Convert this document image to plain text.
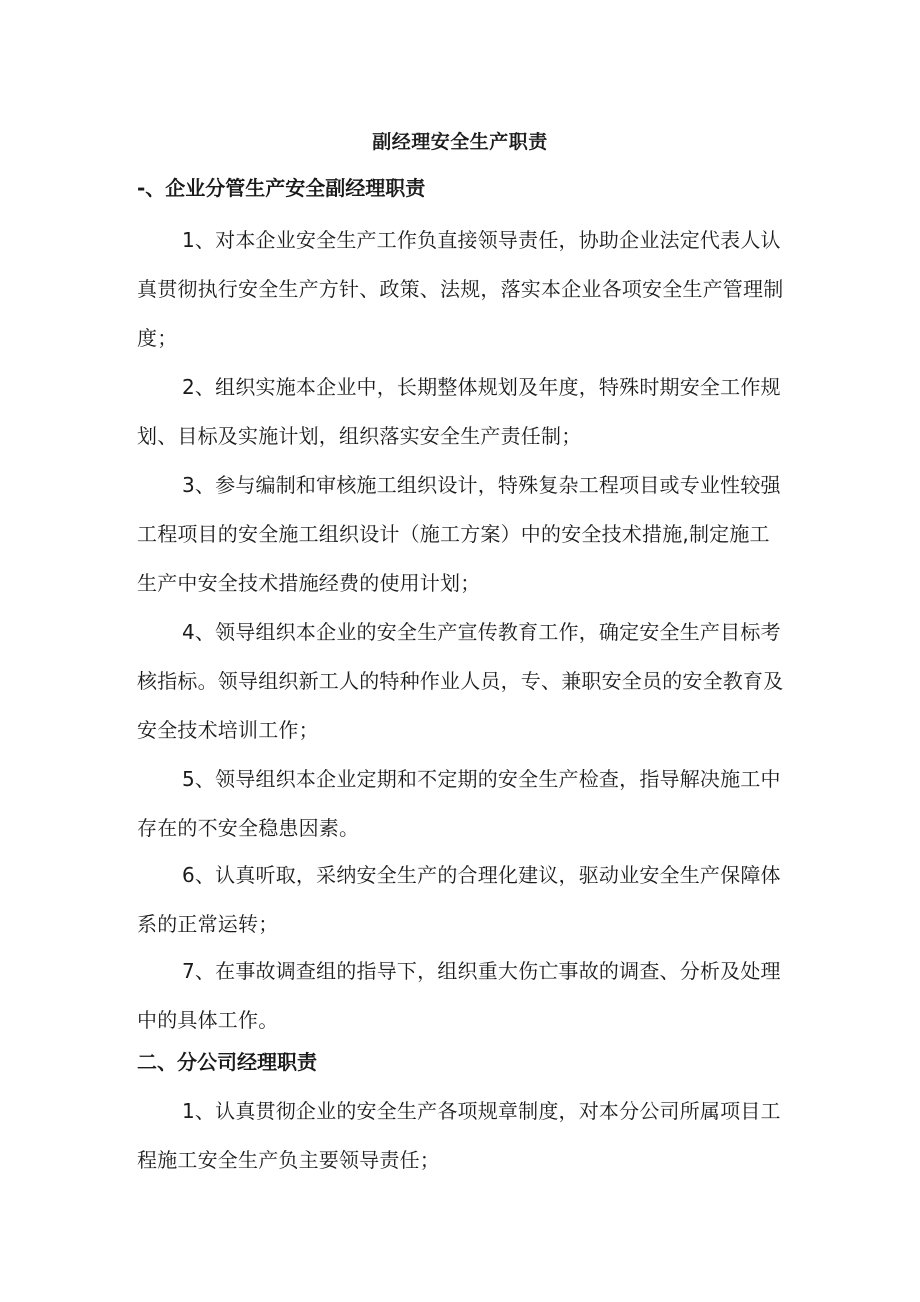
副经理安全生产职责
-、企业分管生产安全副经理职责
1、对本企业安全生产工作负直接领导责任，协助企业法定代表人认真贯彻执行安全生产方针、政策、法规，落实本企业各项安全生产管理制度；
2、组织实施本企业中，长期整体规划及年度，特殊时期安全工作规划、目标及实施计划，组织落实安全生产责任制；
3、参与编制和审核施工组织设计，特殊复杂工程项目或专业性较强工程项目的安全施工组织设计（施工方案）中的安全技术措施,制定施工生产中安全技术措施经费的使用计划；
4、领导组织本企业的安全生产宣传教育工作，确定安全生产目标考核指标。领导组织新工人的特种作业人员，专、兼职安全员的安全教育及安全技术培训工作；
5、领导组织本企业定期和不定期的安全生产检查，指导解决施工中存在的不安全稳患因素。
6、认真听取，采纳安全生产的合理化建议，驱动业安全生产保障体系的正常运转；
7、在事故调查组的指导下，组织重大伤亡事故的调查、分析及处理中的具体工作。
二、分公司经理职责
1、认真贯彻企业的安全生产各项规章制度，对本分公司所属项目工程施工安全生产负主要领导责任；
